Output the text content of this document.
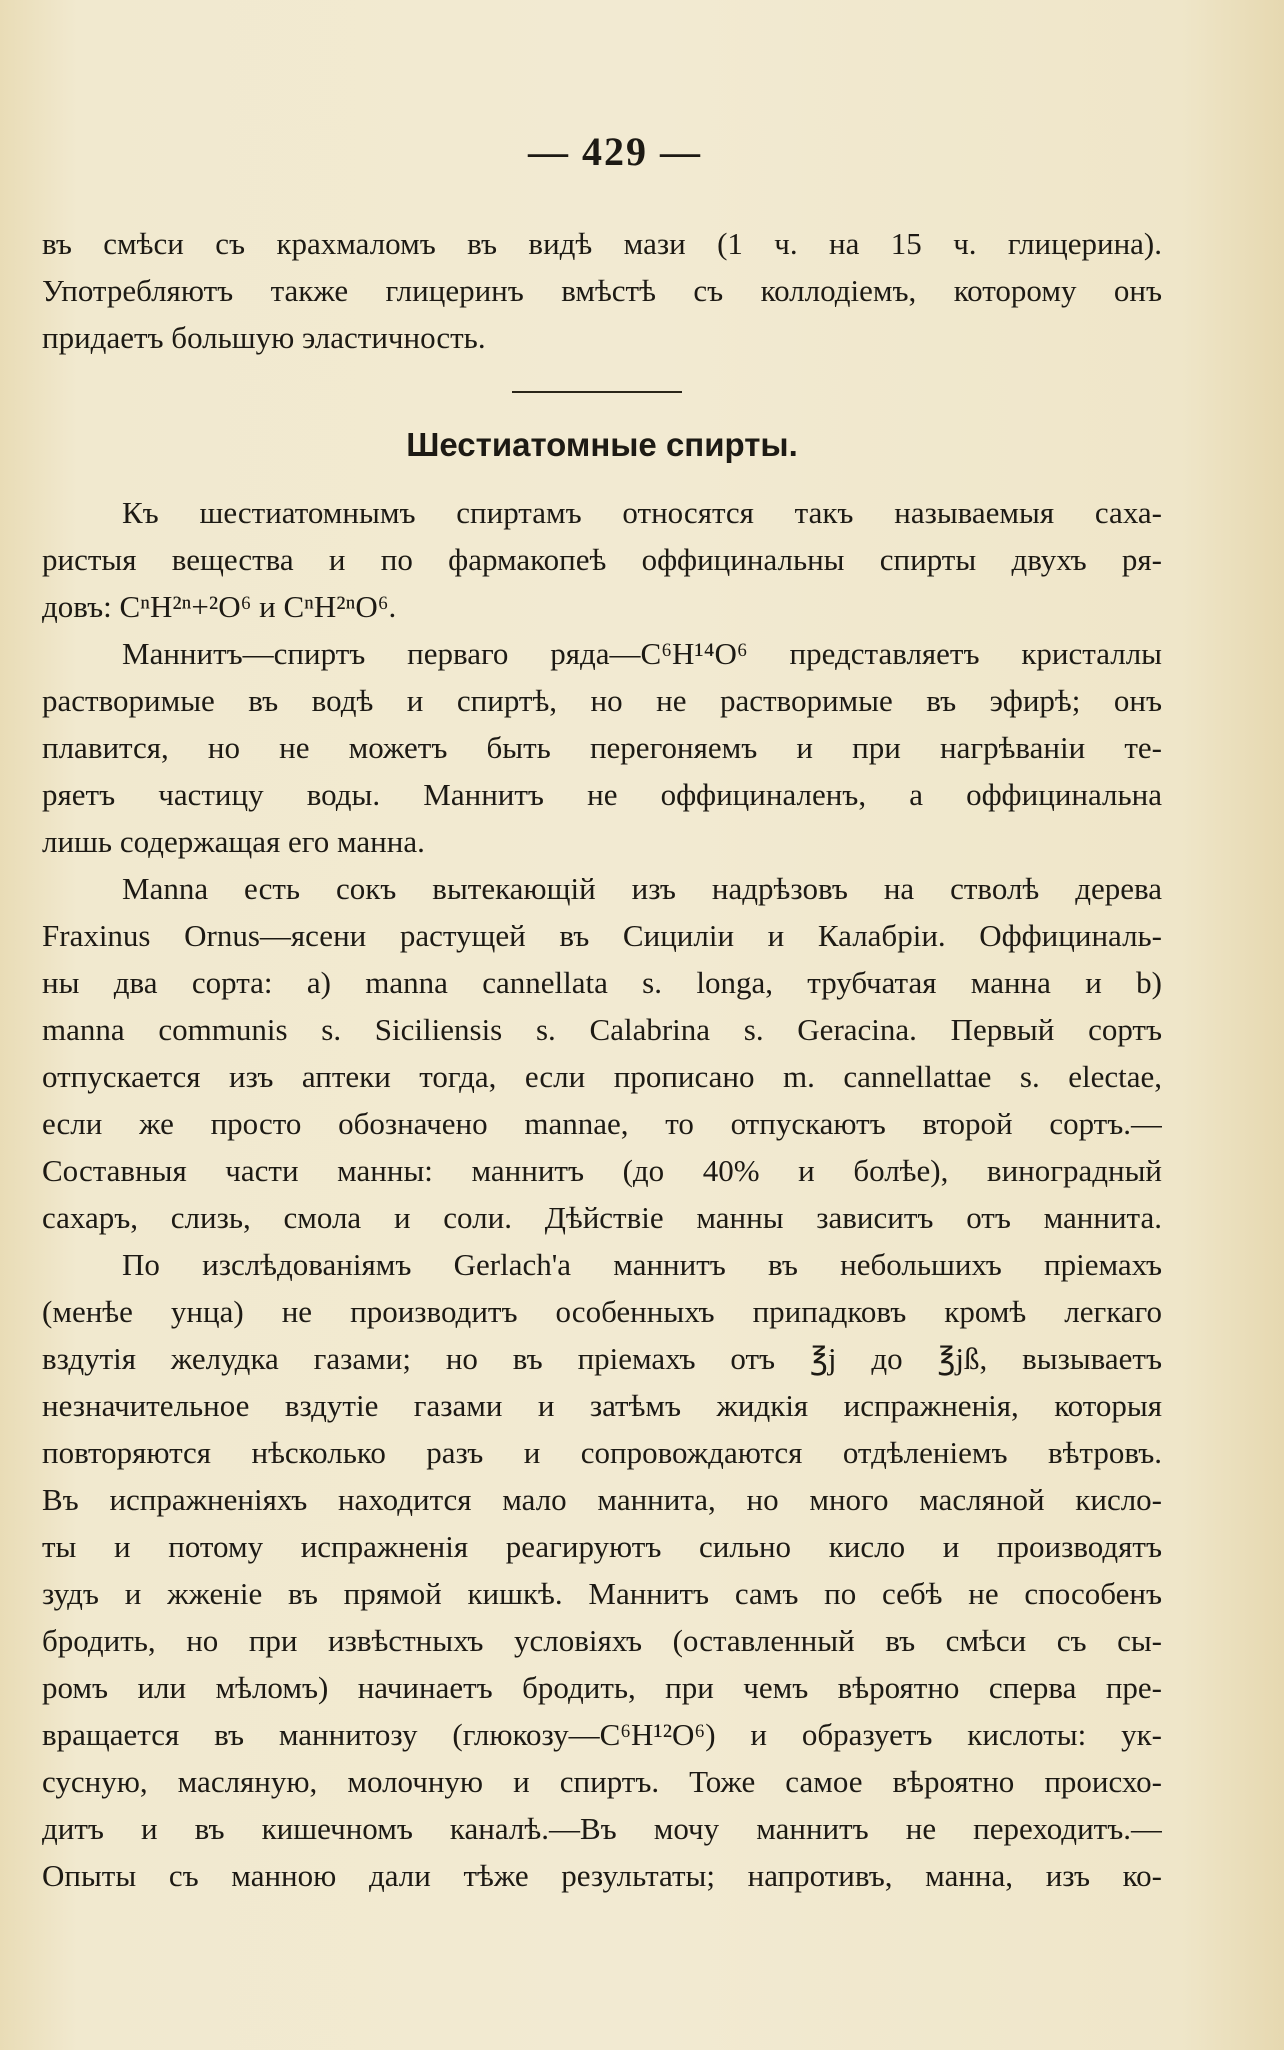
— 429 —
въ смѣси съ крахмаломъ въ видѣ мази (1 ч. на 15 ч. глицерина).
Употребляютъ также глицеринъ вмѣстѣ съ коллодіемъ, которому онъ
придаетъ большую эластичность.
Шестиатомные спирты.
Къ шестиатомнымъ спиртамъ относятся такъ называемыя саха-
ристыя вещества и по фармакопеѣ оффицинальны спирты двухъ ря-
довъ: CⁿH²ⁿ+²O⁶ и CⁿH²ⁿO⁶.
Маннитъ—спиртъ перваго ряда—C⁶H¹⁴O⁶ представляетъ кристаллы
растворимые въ водѣ и спиртѣ, но не растворимые въ эфирѣ; онъ
плавится, но не можетъ быть перегоняемъ и при нагрѣваніи те-
ряетъ частицу воды. Маннитъ не оффициналенъ, а оффицинальна
лишь содержащая его манна.
Manna есть сокъ вытекающій изъ надрѣзовъ на стволѣ дерева
Fraxinus Ornus—ясени растущей въ Сициліи и Калабріи. Оффициналь-
ны два сорта: a) manna cannellata s. longa, трубчатая манна и b)
manna communis s. Siciliensis s. Calabrina s. Geracina. Первый сортъ
отпускается изъ аптеки тогда, если прописано m. cannellattae s. electae,
если же просто обозначено mannae, то отпускаютъ второй сортъ.—
Составныя части манны: маннитъ (до 40% и болѣе), виноградный
сахаръ, слизь, смола и соли. Дѣйствіе манны зависитъ отъ маннита.
По изслѣдованіямъ Gerlach'а маннитъ въ небольшихъ пріемахъ
(менѣе унца) не производитъ особенныхъ припадковъ кромѣ легкаго
вздутія желудка газами; но въ пріемахъ отъ ℥j до ℥jß, вызываетъ
незначительное вздутіе газами и затѣмъ жидкія испражненія, которыя
повторяются нѣсколько разъ и сопровождаются отдѣленіемъ вѣтровъ.
Въ испражненіяхъ находится мало маннита, но много масляной кисло-
ты и потому испражненія реагируютъ сильно кисло и производятъ
зудъ и жженіе въ прямой кишкѣ. Маннитъ самъ по себѣ не способенъ
бродить, но при извѣстныхъ условіяхъ (оставленный въ смѣси съ сы-
ромъ или мѣломъ) начинаетъ бродить, при чемъ вѣроятно сперва пре-
вращается въ маннитозу (глюкозу—C⁶H¹²O⁶) и образуетъ кислоты: ук-
сусную, масляную, молочную и спиртъ. Тоже самое вѣроятно происхо-
дитъ и въ кишечномъ каналѣ.—Въ мочу маннитъ не переходитъ.—
Опыты съ манною дали тѣже результаты; напротивъ, манна, изъ ко-
